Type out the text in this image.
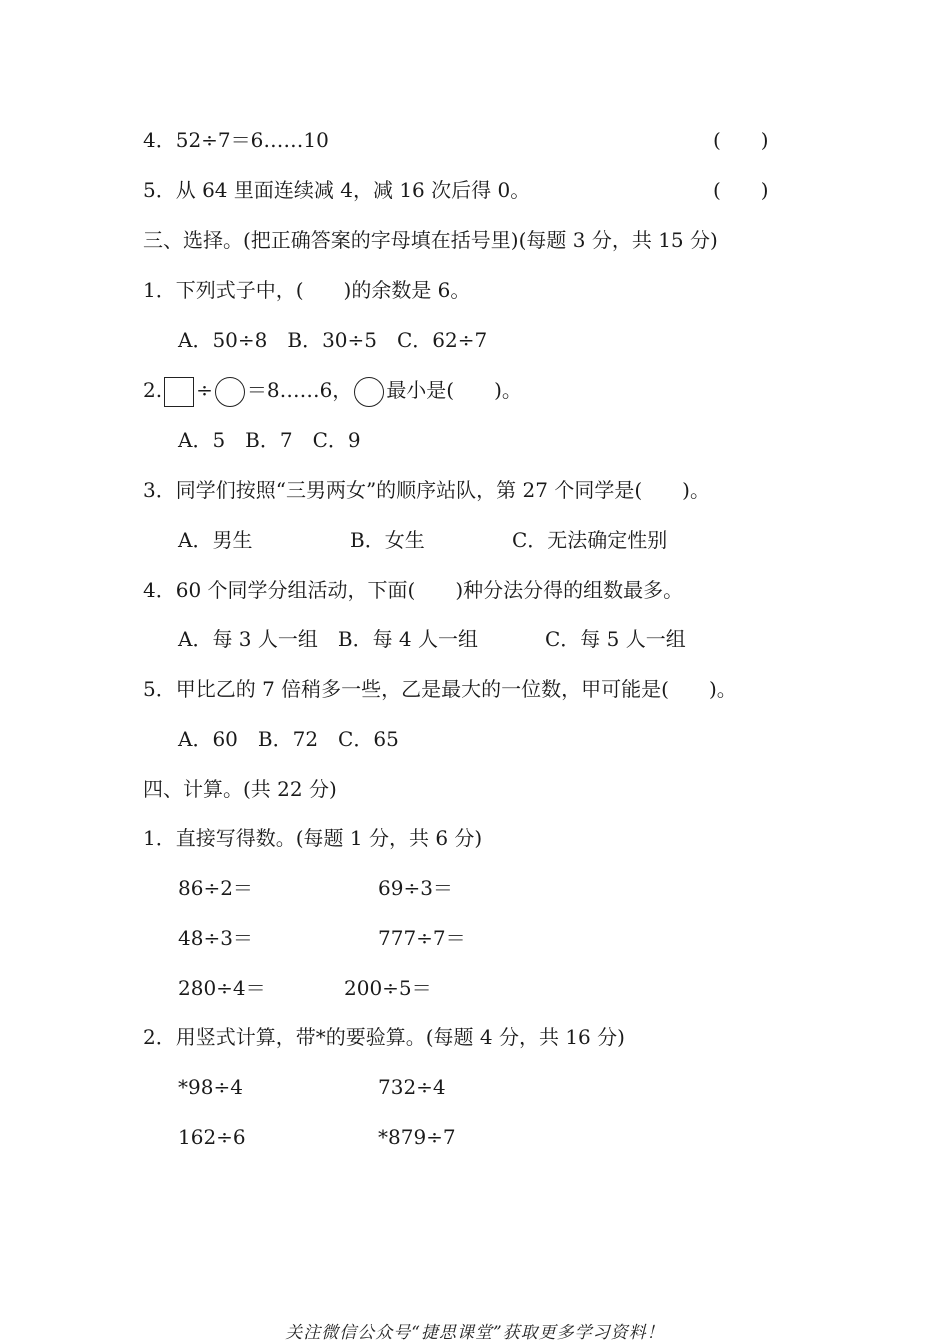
4．52÷7＝6……10	(　　)
5．从 64 里面连续减 4，减 16 次后得 0。	(　　)
三、选择。(把正确答案的字母填在括号里)(每题 3 分，共 15 分)
1．下列式子中，(　　)的余数是 6。
A．50÷8　B．30÷5　C．62÷7
2. ÷ ＝8……6， 最小是(　　)。
A．5　B．7　C．9
3．同学们按照“三男两女”的顺序站队，第 27 个同学是(　　)。
A．男生	B．女生	C．无法确定性别
4．60 个同学分组活动，下面(　　)种分法分得的组数最多。
A．每 3 人一组　B．每 4 人一组	C．每 5 人一组
5．甲比乙的 7 倍稍多一些，乙是最大的一位数，甲可能是(　　)。
A．60　B．72　C．65
四、计算。(共 22 分)
1．直接写得数。(每题 1 分，共 6 分)
86÷2＝	69÷3＝
48÷3＝	777÷7＝
280÷4＝	200÷5＝
2．用竖式计算，带*的要验算。(每题 4 分，共 16 分)
*98÷4	732÷4
162÷6	*879÷7
关注微信公众号“捷思课堂”获取更多学习资料！
